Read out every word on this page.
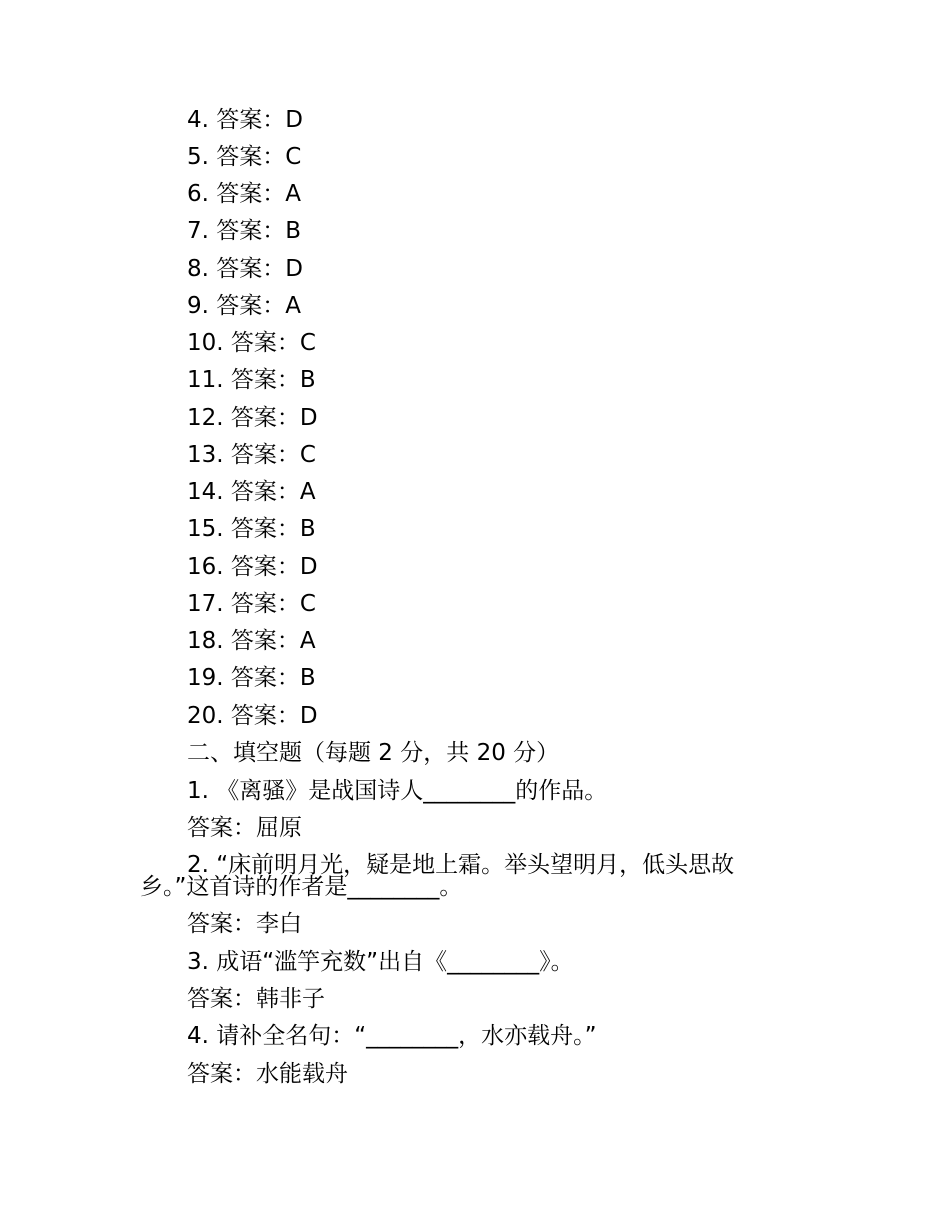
4. 答案：D
5. 答案：C
6. 答案：A
7. 答案：B
8. 答案：D
9. 答案：A
10. 答案：C
11. 答案：B
12. 答案：D
13. 答案：C
14. 答案：A
15. 答案：B
16. 答案：D
17. 答案：C
18. 答案：A
19. 答案：B
20. 答案：D
二、填空题（每题 2 分，共 20 分）
1. 《离骚》是战国诗人________的作品。
答案：屈原
2. “床前明月光，疑是地上霜。举头望明月，低头思故
乡。”这首诗的作者是________。
答案：李白
3. 成语“滥竽充数”出自《________》。
答案：韩非子
4. 请补全名句：“________，水亦载舟。”
答案：水能载舟
